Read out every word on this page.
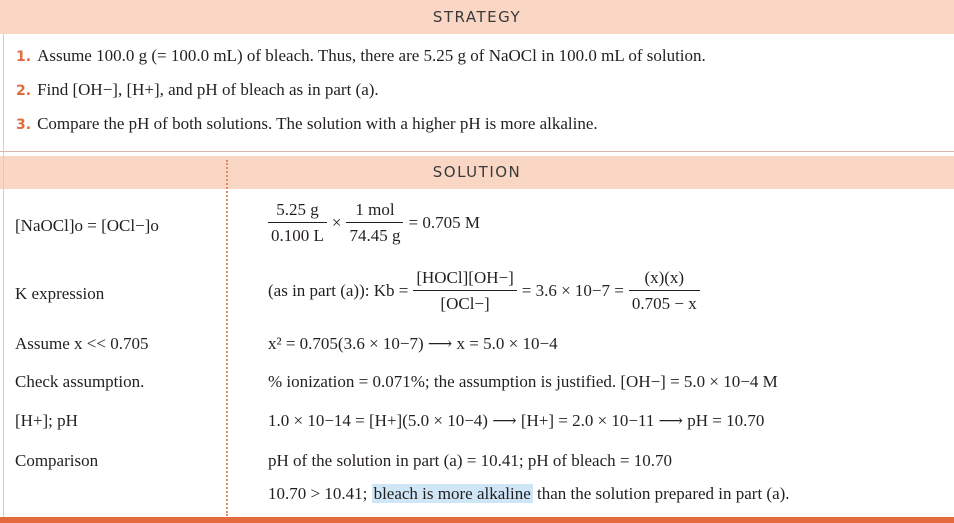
STRATEGY
1. Assume 100.0 g (= 100.0 mL) of bleach. Thus, there are 5.25 g of NaOCl in 100.0 mL of solution.
2. Find [OH−], [H+], and pH of bleach as in part (a).
3. Compare the pH of both solutions. The solution with a higher pH is more alkaline.
SOLUTION
[NaOCl]o = [OCl−]o	$\frac{5.25 g}{0.100 L} \times \frac{\text{1 mol}}{74.45 g} = 0.705$ M
K expression	(as in part (a)): $Kb = \frac{\text{[HOCl][OH−]}}{\text{[OCl−]}} = 3.6 \times 10-7 = \frac{(x)(x)}{0.705 - x}$
Assume x << 0.705	x² = 0.705(3.6 × 10−7) ⟶ x = 5.0 × 10−4
Check assumption.	% ionization = 0.071%; the assumption is justified. [OH−] = 5.0 × 10−4 M
[H+]; pH	1.0 × 10−14 = [H+](5.0 × 10−4) ⟶ [H+] = 2.0 × 10−11 ⟶ pH = 10.70
Comparison	pH of the solution in part (a) = 10.41; pH of bleach = 10.70
10.70 > 10.41; bleach is more alkaline than the solution prepared in part (a).
